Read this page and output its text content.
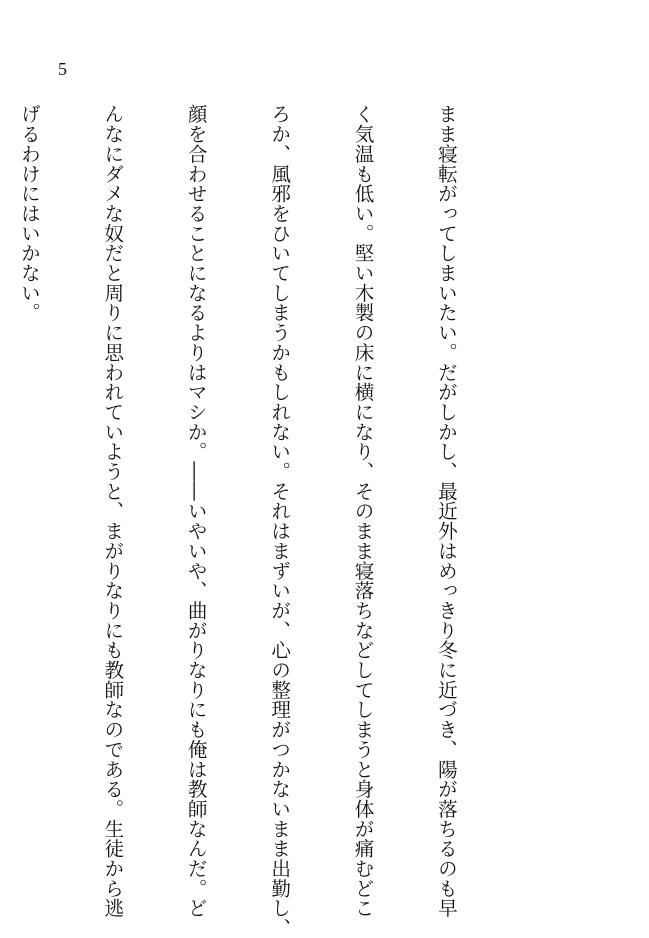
5

まま寝転がってしまいたい。だがしかし、最近外はめっきり冬に近づき、陽が落ちるのも早

く気温も低い。堅い木製の床に横になり、そのまま寝落ちなどしてしまうと身体が痛むどこ

ろか、風邪をひいてしまうかもしれない。それはまずいが、心の整理がつかないまま出勤し、

顔を合わせることになるよりはマシか。――いやいや、曲がりなりにも俺は教師なんだ。ど

んなにダメな奴だと周りに思われていようと、まがりなりにも教師なのである。生徒から逃

げるわけにはいかない。
